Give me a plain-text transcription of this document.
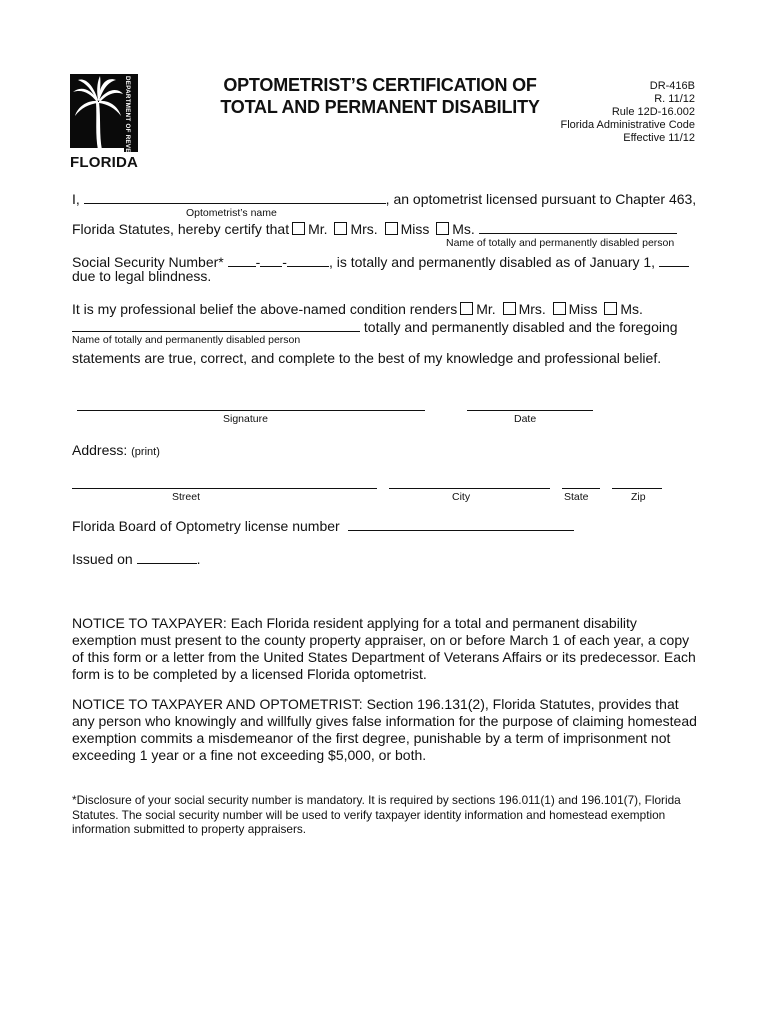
DEPARTMENT OF REVENUE
FLORIDA
OPTOMETRIST’S CERTIFICATION OF
TOTAL AND PERMANENT DISABILITY
DR-416B
R. 11/12
Rule 12D-16.002
Florida Administrative Code
Effective 11/12
I,	, an optometrist licensed pursuant to Chapter 463,
Optometrist’s name
Florida Statutes, hereby certify that Mr. Mrs. Miss Ms.
Name of totally and permanently disabled person
Social Security Number* - -	, is totally and permanently disabled as of January 1,
due to legal blindness.
It is my professional belief the above-named condition renders Mr. Mrs. Miss Ms.
totally and permanently disabled and the foregoing
Name of totally and permanently disabled person
statements are true, correct, and complete to the best of my knowledge and professional belief.
Signature	Date
Address: (print)
Street	City	State	Zip
Florida Board of Optometry license number
Issued on	.
NOTICE TO TAXPAYER: Each Florida resident applying for a total and permanent disability exemption must present to the county property appraiser, on or before March 1 of each year, a copy of this form or a letter from the United States Department of Veterans Affairs or its predecessor. Each form is to be completed by a licensed Florida optometrist.
NOTICE TO TAXPAYER AND OPTOMETRIST: Section 196.131(2), Florida Statutes, provides that any person who knowingly and willfully gives false information for the purpose of claiming homestead exemption commits a misdemeanor of the first degree, punishable by a term of imprisonment not exceeding 1 year or a fine not exceeding $5,000, or both.
*Disclosure of your social security number is mandatory. It is required by sections 196.011(1) and 196.101(7), Florida Statutes. The social security number will be used to verify taxpayer identity information and homestead exemption information submitted to property appraisers.
